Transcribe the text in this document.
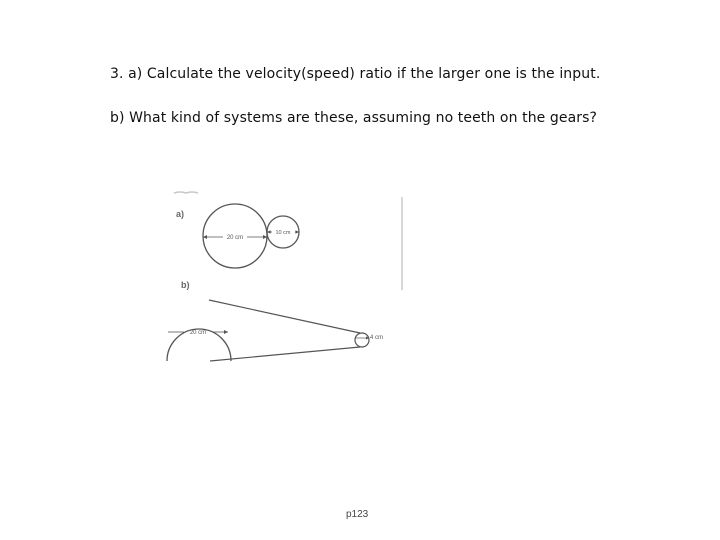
3. a) Calculate the velocity(speed) ratio if the larger one is the input.
b) What kind of systems are these, assuming no teeth on the gears?
a)
20 cm
10 cm
b)
20 cm
4 cm
p123
